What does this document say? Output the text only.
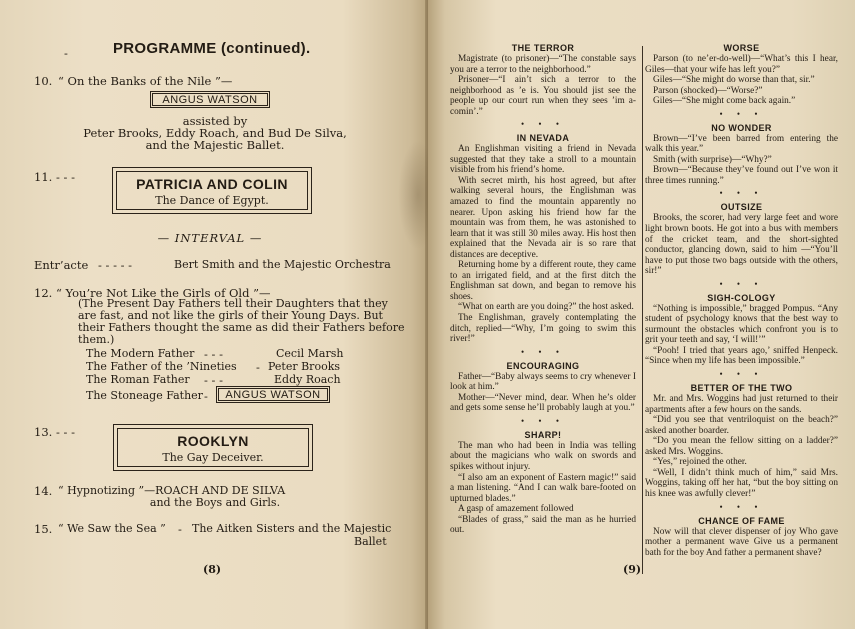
-	PROGRAMME (continued).
10. “ On the Banks of the Nile ”—
ANGUS WATSON
assisted by
Peter Brooks, Eddy Roach, and Bud De Silva,
and the Majestic Ballet.
11. - - -	PATRICIA AND COLIN
The Dance of Egypt.
— INTERVAL —
Entr’acte - - - - -	Bert Smith and the Majestic Orchestra
12. “ You’re Not Like the Girls of Old ”—
(The Present Day Fathers tell their Daughters that they
are fast, and not like the girls of their Young Days. But
their Fathers thought the same as did their Fathers before
them.)
The Modern Father - - -	Cecil Marsh
The Father of the ’Nineties - Peter Brooks
The Roman Father - - -	Eddy Roach
The Stoneage Father -	ANGUS WATSON
13. - - -
ROOKLYN
The Gay Deceiver.
14. “ Hypnotizing ”—ROACH AND DE SILVA
and the Boys and Girls.
15. “ We Saw the Sea ” - The Aitken Sisters and the Majestic
Ballet
(8)
THE TERROR
Magistrate (to prisoner)—“The constable says you are a terror to the neighborhood.”
Prisoner—“I ain’t sich a terror to the neighborhood as ’e is. You should jist see the people up our court run when they sees ’im a-comin’.”
• • •
IN NEVADA
An Englishman visiting a friend in Nevada suggested that they take a stroll to a mountain visible from his friend’s home.
With secret mirth, his host agreed, but after walking several hours, the Englishman was amazed to find the mountain apparently no nearer. Upon asking his friend how far the mountain was from them, he was astonished to learn that it was still 30 miles away. His host then explained that the Nevada air is so rare that distances are deceptive.
Returning home by a different route, they came to an irrigated field, and at the first ditch the Englishman sat down, and began to remove his shoes.
“What on earth are you doing?” the host asked.
The Englishman, gravely contemplating the ditch, replied—“Why, I’m going to swim this river!”
• • •
ENCOURAGING
Father—“Baby always seems to cry whenever I look at him.”
Mother—“Never mind, dear. When he’s older and gets some sense he’ll probably laugh at you.”
• • •
SHARP!
The man who had been in India was telling about the magicians who walk on swords and spikes without injury.
“I also am an exponent of Eastern magic!” said a man listening. “And I can walk bare-footed on upturned blades.”
A gasp of amazement followed
“Blades of grass,” said the man as he hurried out.
WORSE
Parson (to ne’er-do-well)—“What’s this I hear, Giles—that your wife has left you?”
Giles—“She might do worse than that, sir.”
Parson (shocked)—“Worse?”
Giles—“She might come back again.”
• • •
NO WONDER
Brown—“I’ve been barred from entering the walk this year.”
Smith (with surprise)—“Why?”
Brown—“Because they’ve found out I’ve won it three times running.”
• • •
OUTSIZE
Brooks, the scorer, had very large feet and wore light brown boots. He got into a bus with members of the cricket team, and the short-sighted conductor, glancing down, said to him —“You’ll have to put those two bags outside with the others, sir!”
• • •
SIGH-COLOGY
“Nothing is impossible,” bragged Pompus. “Any student of psychology knows that the best way to surmount the obstacles which confront you is to grit your teeth and say, ‘I will!’”
“Pooh! I tried that years ago,’ sniffed Henpeck. “Since when my life has been impossible.”
• • •
BETTER OF THE TWO
Mr. and Mrs. Woggins had just returned to their apartments after a few hours on the sands.
“Did you see that ventriloquist on the beach?” asked another boarder.
“Do you mean the fellow sitting on a ladder?” asked Mrs. Woggins.
“Yes,” rejoined the other.
“Well, I didn’t think much of him,” said Mrs. Woggins, taking off her hat, “but the boy sitting on his knee was awfully clever!”
• • •
CHANCE OF FAME
Now will that clever dispenser of joy Who gave mother a permanent wave Give us a permanent bath for the boy And father a permanent shave?
(9)
